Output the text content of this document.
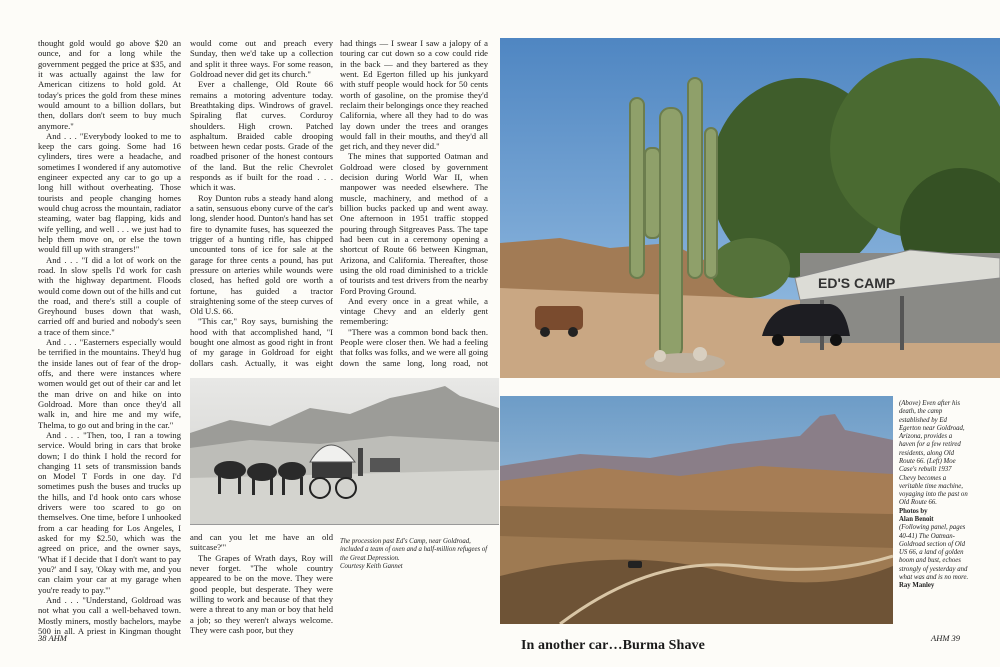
thought gold would go above $20 an ounce, and for a long while the government pegged the price at $35, and it was actually against the law for American citizens to hold gold. At today's prices the gold from these mines would amount to a billion dollars, but then, dollars don't seem to buy much anymore."

And . . . "Everybody looked to me to keep the cars going. Some had 16 cylinders, tires were a headache, and sometimes I wondered if any automotive engineer expected any car to go up a long hill without overheating. Those tourists and people changing homes would chug across the mountain, radiator steaming, water bag flapping, kids and wife yelling, and well . . . we just had to help them move on, or else the town would fill up with strangers!"

And . . . "I did a lot of work on the road. In slow spells I'd work for cash with the highway department. Floods would come down out of the hills and cut the road, and there's still a couple of Greyhound buses down that wash, carried off and buried and nobody's seen a trace of them since."

And . . . "Easterners especially would be terrified in the mountains. They'd hug the inside lanes out of fear of the drop-offs, and there were instances where women would get out of their car and let the man drive on and hike on into Goldroad. More than once they'd all walk in, and hire me and my wife, Thelma, to go out and bring in the car."

And . . . "Then, too, I ran a towing service. Would bring in cars that broke down; I do think I hold the record for changing 11 sets of transmission bands on Model T Fords in one day. I'd sometimes push the buses and trucks up the hills, and I'd hook onto cars whose drivers were too scared to go on themselves. One time, before I unhooked from a car heading for Los Angeles, I asked for my $2.50, which was the agreed on price, and the owner says, 'What if I decide that I don't want to pay you?' and I say, 'Okay with me, and you can claim your car at my garage when you're ready to pay.'"

And . . . "Understand, Goldroad was not what you call a well-behaved town. Mostly miners, mostly bachelors, maybe 500 in all. A priest in Kingman thought

would come out and preach every Sunday, then we'd take up a collection and split it three ways. For some reason, Goldroad never did get its church."

Ever a challenge, Old Route 66 remains a motoring adventure today. Breathtaking dips. Windrows of gravel. Spiraling flat curves. Corduroy shoulders. High crown. Patched asphaltum. Braided cable drooping between hewn cedar posts. Grade of the roadbed prisoner of the honest contours of the land. But the relic Chevrolet responds as if built for the road . . . which it was.

Roy Dunton rubs a steady hand along a satin, sensuous ebony curve of the car's long, slender hood. Dunton's hand has set fire to dynamite fuses, has squeezed the trigger of a hunting rifle, has chipped uncounted tons of ice for sale at the garage for three cents a pound, has put pressure on arteries while wounds were closed, has hefted gold ore worth a fortune, has guided a tractor straightening some of the steep curves of Old U.S. 66.

"This car," Roy says, burnishing the hood with that accomplished hand, "I bought one almost as good right in front of my garage in Goldroad for eight dollars cash. Actually, it was eight

and can you let me have an old suitcase?'"

The Grapes of Wrath days, Roy will never forget. "The whole country appeared to be on the move. They were good people, but desperate. They were willing to work and because of that they were a threat to any man or boy that held a job; so they weren't always welcome. They were cash poor, but they

had things — I swear I saw a jalopy of a touring car cut down so a cow could ride in the back — and they bartered as they went. Ed Egerton filled up his junkyard with stuff people would hock for 50 cents worth of gasoline, on the promise they'd reclaim their belongings once they reached California, where all they had to do was lay down under the trees and oranges would fall in their mouths, and they'd all get rich, and they never did."

The mines that supported Oatman and Goldroad were closed by government decision during World War II, when manpower was needed elsewhere. The muscle, machinery, and method of a billion bucks packed up and went away. One afternoon in 1951 traffic stopped pouring through Sitgreaves Pass. The tape had been cut in a ceremony opening a shortcut of Route 66 between Kingman, Arizona, and California. Thereafter, those using the old road diminished to a trickle of tourists and test drivers from the nearby Ford Proving Ground.

And every once in a great while, a vintage Chevy and an elderly gent remembering:

"There was a common bond back then. People were closer then. We had a feeling that folks was folks, and we were all going down the same long, long road, not

The procession past Ed's Camp, near Goldroad, included a team of oxen and a half-million refugees of the Great Depression.
Courtesy Keith Gannet
38 AHM
ED'S CAMP
(Above) Even after his death, the camp established by Ed Egerton near Goldroad, Arizona, provides a haven for a few retired residents, along Old Route 66. (Left) Moe Case's rebuilt 1937 Chevy becomes a veritable time machine, voyaging into the past on Old Route 66.
Photos by
Alan Benoit
(Following panel, pages 40-41) The Oatman-Goldroad section of Old US 66, a land of golden boom and bust, echoes strongly of yesterday and what was and is no more.
Ray Manley
AHM 39
In another car…Burma Shave
